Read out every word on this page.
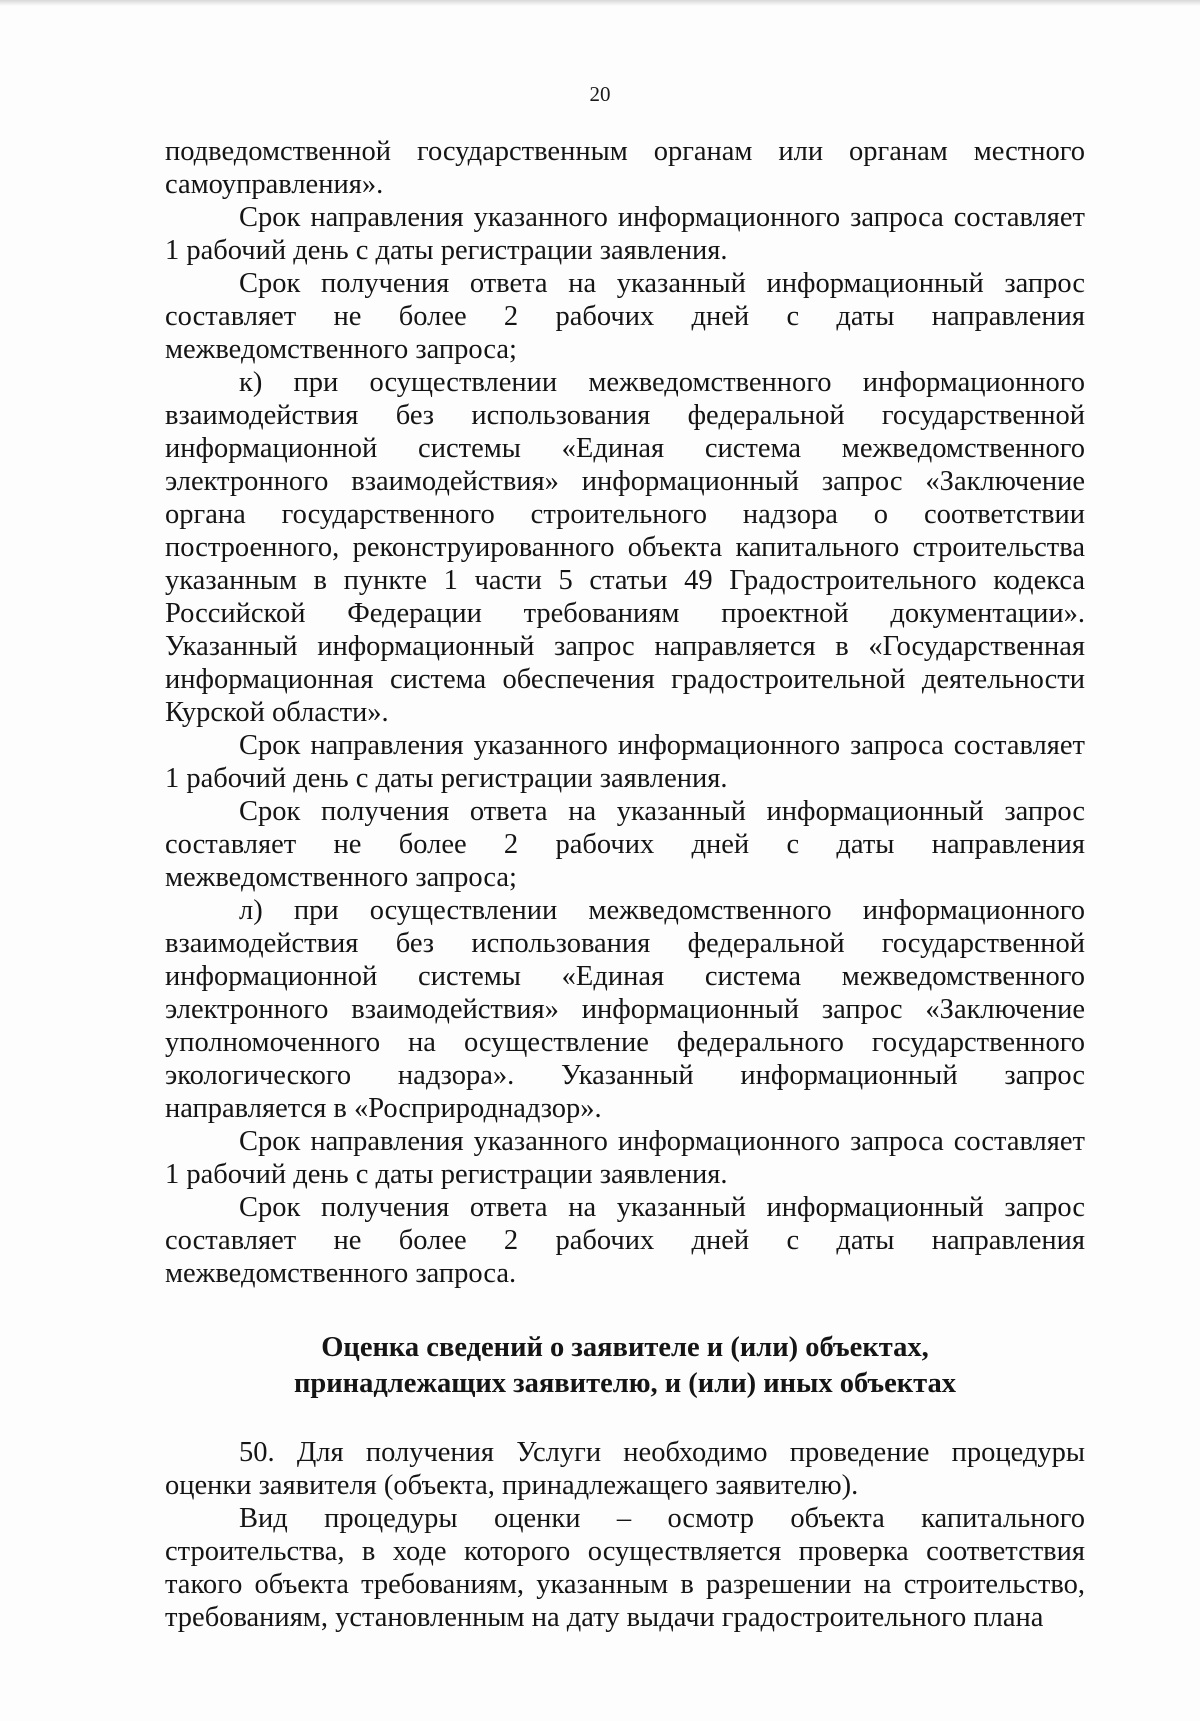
20

подведомственной государственным органам или органам местного самоуправления».

Срок направления указанного информационного запроса составляет 1 рабочий день с даты регистрации заявления.

Срок получения ответа на указанный информационный запрос составляет не более 2 рабочих дней с даты направления межведомственного запроса;

к) при осуществлении межведомственного информационного взаимодействия без использования федеральной государственной информационной системы «Единая система межведомственного электронного взаимодействия» информационный запрос «Заключение органа государственного строительного надзора о соответствии построенного, реконструированного объекта капитального строительства указанным в пункте 1 части 5 статьи 49 Градостроительного кодекса Российской Федерации требованиям проектной документации». Указанный информационный запрос направляется в «Государственная информационная система обеспечения градостроительной деятельности Курской области».

Срок направления указанного информационного запроса составляет 1 рабочий день с даты регистрации заявления.

Срок получения ответа на указанный информационный запрос составляет не более 2 рабочих дней с даты направления межведомственного запроса;

л) при осуществлении межведомственного информационного взаимодействия без использования федеральной государственной информационной системы «Единая система межведомственного электронного взаимодействия» информационный запрос «Заключение уполномоченного на осуществление федерального государственного экологического надзора». Указанный информационный запрос направляется в «Росприроднадзор».

Срок направления указанного информационного запроса составляет 1 рабочий день с даты регистрации заявления.

Срок получения ответа на указанный информационный запрос составляет не более 2 рабочих дней с даты направления межведомственного запроса.

Оценка сведений о заявителе и (или) объектах,
принадлежащих заявителю, и (или) иных объектах

50. Для получения Услуги необходимо проведение процедуры оценки заявителя (объекта, принадлежащего заявителю).

Вид процедуры оценки – осмотр объекта капитального строительства, в ходе которого осуществляется проверка соответствия такого объекта требованиям, указанным в разрешении на строительство, требованиям, установленным на дату выдачи градостроительного плана
